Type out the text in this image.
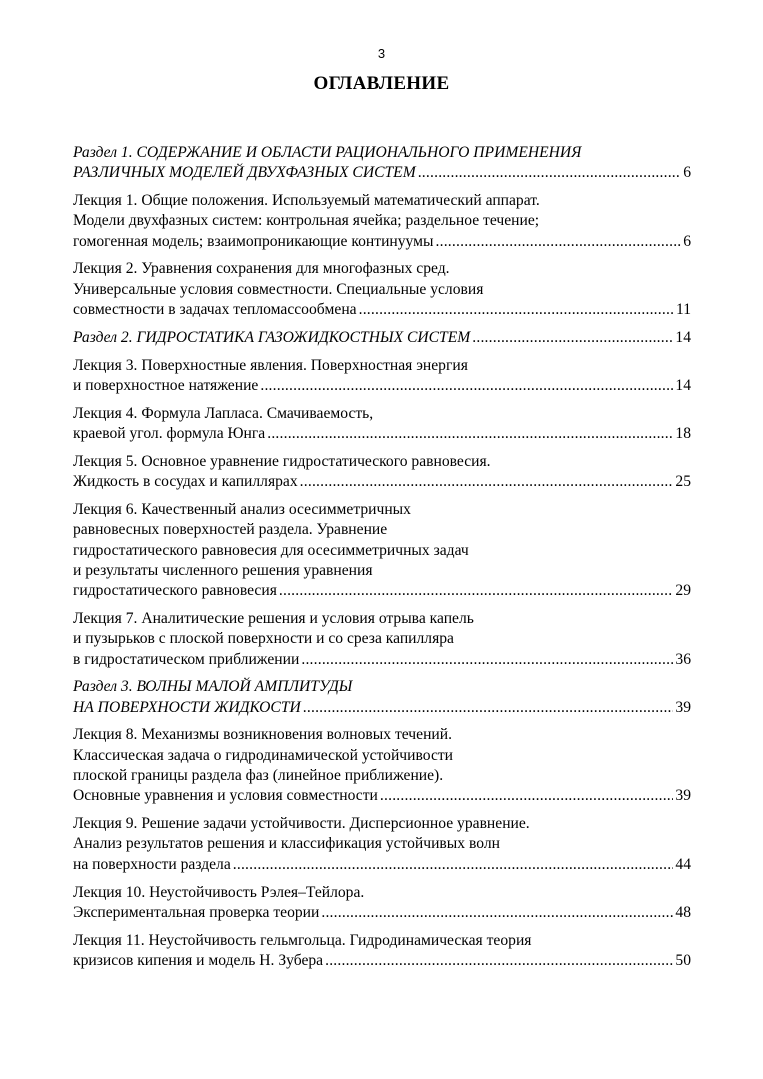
3
ОГЛАВЛЕНИЕ
Раздел 1. СОДЕРЖАНИЕ И ОБЛАСТИ РАЦИОНАЛЬНОГО ПРИМЕНЕНИЯ
РАЗЛИЧНЫХ МОДЕЛЕЙ ДВУХФАЗНЫХ СИСТЕМ .....	6
Лекция 1. Общие положения. Используемый математический аппарат.
Модели двухфазных систем: контрольная ячейка; раздельное течение;
гомогенная модель; взаимопроникающие континуумы .....	6
Лекция 2. Уравнения сохранения для многофазных сред.
Универсальные условия совместности. Специальные условия
совместности в задачах тепломассообмена .....	11
Раздел 2. ГИДРОСТАТИКА ГАЗОЖИДКОСТНЫХ СИСТЕМ .....	14
Лекция 3. Поверхностные явления. Поверхностная энергия
и поверхностное натяжение .....	14
Лекция 4. Формула Лапласа. Смачиваемость,
краевой угол. формула Юнга .....	18
Лекция 5. Основное уравнение гидростатического равновесия.
Жидкость в сосудах и капиллярах .....	25
Лекция 6. Качественный анализ осесимметричных
равновесных поверхностей раздела. Уравнение
гидростатического равновесия для осесимметричных задач
и результаты численного решения уравнения
гидростатического равновесия .....	29
Лекция 7. Аналитические решения и условия отрыва капель
и пузырьков с плоской поверхности и со среза капилляра
в гидростатическом приближении .....	36
Раздел 3. ВОЛНЫ МАЛОЙ АМПЛИТУДЫ
НА ПОВЕРХНОСТИ ЖИДКОСТИ .....	39
Лекция 8. Механизмы возникновения волновых течений.
Классическая задача о гидродинамической устойчивости
плоской границы раздела фаз (линейное приближение).
Основные уравнения и условия совместности .....	39
Лекция 9. Решение задачи устойчивости. Дисперсионное уравнение.
Анализ результатов решения и классификация устойчивых волн
на поверхности раздела .....	44
Лекция 10. Неустойчивость Рэлея–Тейлора.
Экспериментальная проверка теории .....	48
Лекция 11. Неустойчивость гельмгольца. Гидродинамическая теория
кризисов кипения и модель Н. Зубера .....	50
